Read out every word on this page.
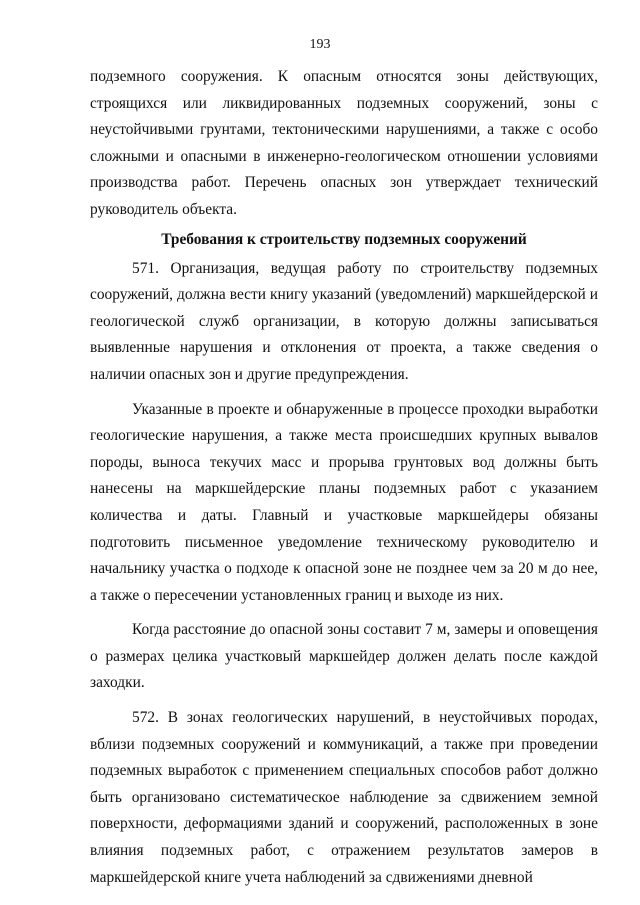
193

подземного сооружения. К опасным относятся зоны действующих, строящихся или ликвидированных подземных сооружений, зоны с неустойчивыми грунтами, тектоническими нарушениями, а также с особо сложными и опасными в инженерно-геологическом отношении условиями производства работ. Перечень опасных зон утверждает технический руководитель объекта.

Требования к строительству подземных сооружений

571. Организация, ведущая работу по строительству подземных сооружений, должна вести книгу указаний (уведомлений) маркшейдерской и геологической служб организации, в которую должны записываться выявленные нарушения и отклонения от проекта, а также сведения о наличии опасных зон и другие предупреждения.

Указанные в проекте и обнаруженные в процессе проходки выработки геологические нарушения, а также места происшедших крупных вывалов породы, выноса текучих масс и прорыва грунтовых вод должны быть нанесены на маркшейдерские планы подземных работ с указанием количества и даты. Главный и участковые маркшейдеры обязаны подготовить письменное уведомление техническому руководителю и начальнику участка о подходе к опасной зоне не позднее чем за 20 м до нее, а также о пересечении установленных границ и выходе из них.

Когда расстояние до опасной зоны составит 7 м, замеры и оповещения о размерах целика участковый маркшейдер должен делать после каждой заходки.

572. В зонах геологических нарушений, в неустойчивых породах, вблизи подземных сооружений и коммуникаций, а также при проведении подземных выработок с применением специальных способов работ должно быть организовано систематическое наблюдение за сдвижением земной поверхности, деформациями зданий и сооружений, расположенных в зоне влияния подземных работ, с отражением результатов замеров в маркшейдерской книге учета наблюдений за сдвижениями дневной
